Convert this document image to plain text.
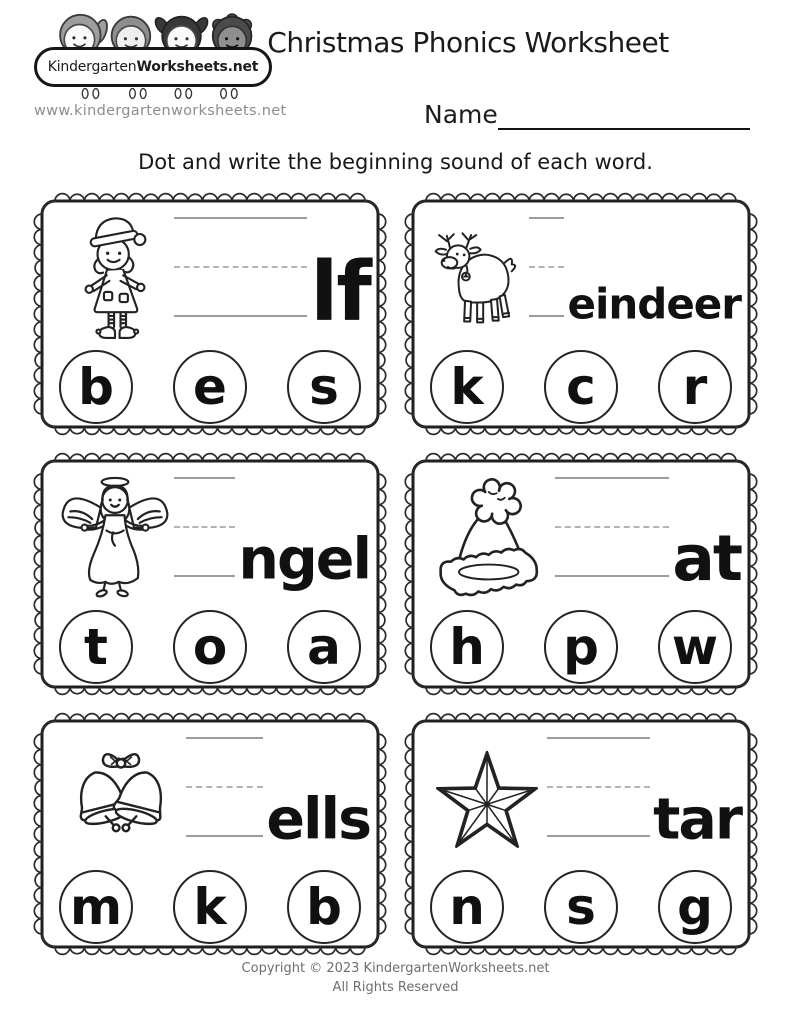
Kindergarten Worksheets.net
www.kindergartenworksheets.net
Christmas Phonics Worksheet
Name

Dot and write the beginning sound of each word.

lf
b	e	s
eindeer
k	c	r
ngel
t	o	a
at
h	p	w
ells
m	k	b
tar
n	s	g
Copyright © 2023 KindergartenWorksheets.net
All Rights Reserved
